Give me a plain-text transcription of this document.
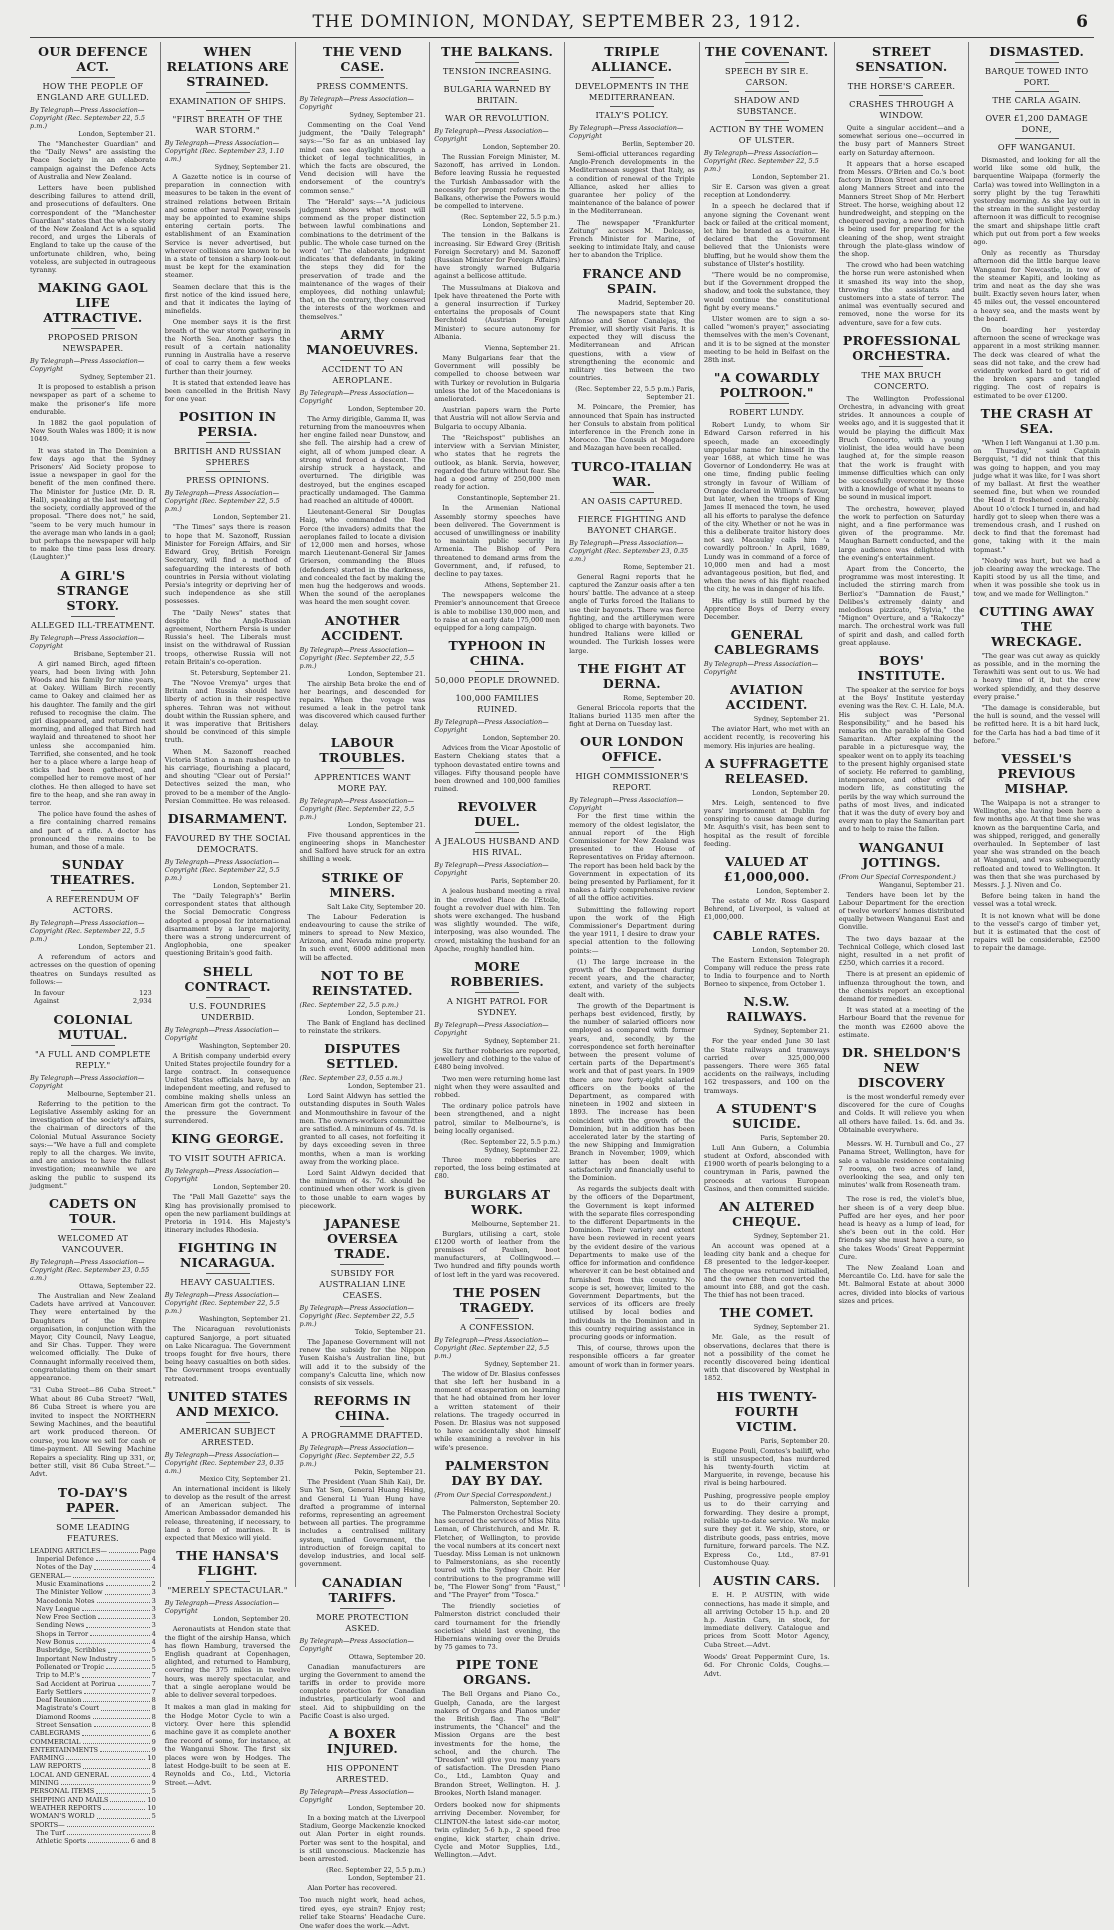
THE DOMINION, MONDAY, SEPTEMBER 23, 1912.	6
OUR DEFENCE ACT.
HOW THE PEOPLE OF ENGLAND ARE GULLED.
By Telegraph—Press Association—Copyright (Rec. September 22, 5.5 p.m.)
London, September 21.

The "Manchester Guardian" and the "Daily News" are assisting the Peace Society in an elaborate campaign against the Defence Acts of Australia and New Zealand.

Letters have been published describing failures to attend drill, and prosecutions of defaulters. One correspondent of the "Manchester Guardian" states that the whole story of the New Zealand Act is a squalid record, and urges the Liberals of England to take up the cause of the unfortunate children, who, being voteless, are subjected in outrageous tyranny.

MAKING GAOL LIFE ATTRACTIVE.
PROPOSED PRISON NEWSPAPER.
By Telegraph—Press Association—Copyright
Sydney, September 21.

It is proposed to establish a prison newspaper as part of a scheme to make the prisoner's life more endurable.

In 1882 the gaol population of New South Wales was 1800; it is now 1049.

It was stated in The Dominion a few days ago that the Sydney Prisoners' Aid Society propose to issue a newspaper in gaol for the benefit of the men confined there. The Minister for Justice (Mr. D. R. Hall), speaking at the last meeting of the society, cordially approved of the proposal. "There does not," he said, "seem to be very much humour in the average man who lands in a gaol; but perhaps the newspaper will help to make the time pass less dreary. (Laughter.)"

A GIRL'S STRANGE STORY.
ALLEGED ILL-TREATMENT.
By Telegraph—Press Association—Copyright
Brisbane, September 21.

A girl named Birch, aged fifteen years, had been living with John Woods and his family for nine years, at Oakey. William Birch recently came to Oakey and claimed her as his daughter. The family and the girl refused to recognise the claim. The girl disappeared, and returned next morning, and alleged that Birch had waylaid and threatened to shoot her unless she accompanied him. Terrified, she consented, and he took her to a place where a large heap of sticks had been gathered, and compelled her to remove most of her clothes. He then alleged to have set fire to the heap, and she ran away in terror.

The police have found the ashes of a fire containing charred remains and part of a rifle. A doctor has pronounced the remains to be human, and those of a male.

SUNDAY THEATRES.
A REFERENDUM OF ACTORS.
By Telegraph—Press Association—Copyright (Rec. September 22, 5.5 p.m.)
London, September 21.

A referendum of actors and actresses on the question of opening theatres on Sundays resulted as follows:—

In favour	123
Against	2,934
COLONIAL MUTUAL.
"A FULL AND COMPLETE REPLY."
By Telegraph—Press Association—Copyright
Melbourne, September 21.

Referring to the petition to the Legislative Assembly asking for an investigation of the society's affairs, the chairman of directors of the Colonial Mutual Assurance Society says:—"We have a full and complete reply to all the charges. We invite, and are anxious to have the fullest investigation; meanwhile we are asking the public to suspend its judgment."

CADETS ON TOUR.
WELCOMED AT VANCOUVER.
By Telegraph—Press Association—Copyright (Rec. September 23, 0.55 a.m.)
Ottawa, September 22.

The Australian and New Zealand Cadets have arrived at Vancouver. They were entertained by the Daughters of the Empire organisation, in conjunction with the Mayor, City Council, Navy League, and Sir Chas. Tupper. They were welcomed officially. The Duke of Connaught informally received them, congratulating them on their smart appearance.

"31 Cuba Street—86 Cuba Street." What about 86 Cuba Street? "Well, 86 Cuba Street is where you are invited to inspect the NORTHERN Sewing Machines, and the beautiful art work produced thereon. Of course, you know we sell for cash or time-payment. All Sewing Machine Repairs a speciality. Ring up 331, or, better still, visit 86 Cuba Street."—Advt.
TO-DAY'S PAPER.
SOME LEADING FEATURES.
LEADING ARTICLES—	Page
Imperial Defence	4
Notes of the Day	4
GENERAL—
Music Examinations	2
The Minister Yellow	3
Macedonia Notes	3
Navy League	3
New Free Section	3
Sending News	3
Shops in Terror	4
New Bonus	4
Busbridge, Scribbles	5
Important New Industry	5
Pollenated or Tropic	5
Trip to M.P.'s	7
Sad Accident at Porirua	7
Early Settlers	7
Deaf Reunion	8
Magistrate's Court	8
Diamond Rooms	8
Street Sensation	8
CABLEGRAMS	6
COMMERCIAL	9
ENTERTAINMENTS	9
FARMING	10
LAW REPORTS	8
LOCAL AND GENERAL	4
MINING	9
PERSONAL ITEMS	5
SHIPPING AND MAILS	10
WEATHER REPORTS	10
WOMAN'S WORLD	5
SPORTS—
The Turf	8
Athletic Sports	6 and 8
WHEN RELATIONS ARE STRAINED.
EXAMINATION OF SHIPS.
"FIRST BREATH OF THE WAR STORM."
By Telegraph—Press Association—Copyright (Rec. September 23, 1.10 a.m.)
Sydney, September 21.

A Gazette notice is in course of preparation in connection with measures to be taken in the event of strained relations between Britain and some other naval Power, vessels may be appointed to examine ships entering certain ports. The establishment of an Examination Service is never advertised, but wherever collisions are known to be in a state of tension a sharp look-out must be kept for the examination steamer.

Seamen declare that this is the first notice of the kind issued here, and that it indicates the laying of minefields.

One member says it is the first breath of the war storm gathering in the North Sea. Another says the result of a certain nationality running in Australia have a reserve of coal to carry them a few weeks further than their journey.

It is stated that extended leave has been cancelled in the British Navy for one year.

POSITION IN PERSIA.
BRITISH AND RUSSIAN SPHERES
PRESS OPINIONS.
By Telegraph—Press Association—Copyright (Rec. September 22, 5.5 p.m.)
London, September 21.

"The Times" says there is reason to hope that M. Sazonoff, Russian Minister for Foreign Affairs, and Sir Edward Grey, British Foreign Secretary, will find a method of safeguarding the interests of both countries in Persia without violating Persia's integrity or depriving her of such independence as she still possesses.

The "Daily News" states that despite the Anglo-Russian agreement, Northern Persia is under Russia's heel. The Liberals must insist on the withdrawal of Russian troops, otherwise Russia will not retain Britain's co-operation.

St. Petersburg, September 21.

The "Novoe Vremya" urges that Britain and Russia should have liberty of action in their respective spheres. Tehran was not without doubt within the Russian sphere, and it was imperative that Britishers should be convinced of this simple truth.

When M. Sazonoff reached Victoria Station a man rushed up to his carriage, flourishing a placard, and shouting "Clear out of Persia!" Detectives seized the man, who proved to be a member of the Anglo-Persian Committee. He was released.

DISARMAMENT.
FAVOURED BY THE SOCIAL DEMOCRATS.
By Telegraph—Press Association—Copyright (Rec. September 22, 5.5 p.m.)
London, September 21.

The "Daily Telegraph's" Berlin correspondent states that although the Social Democratic Congress adopted a proposal for international disarmament by a large majority, there was a strong undercurrent of Anglophobia, one speaker questioning Britain's good faith.

SHELL CONTRACT.
U.S. FOUNDRIES UNDERBID.
By Telegraph—Press Association—Copyright
Washington, September 20.

A British company underbid every United States projectile foundry for a large contract. In consequence United States officials have, by an independent meeting, and refused to combine making shells unless an American firm got the contract. To the pressure the Government surrendered.

KING GEORGE.
TO VISIT SOUTH AFRICA.
By Telegraph—Press Association—Copyright
London, September 20.

The "Pall Mall Gazette" says the King has provisionally promised to open the new parliament buildings at Pretoria in 1914. His Majesty's itinerary includes Rhodesia.

FIGHTING IN NICARAGUA.
HEAVY CASUALTIES.
By Telegraph—Press Association—Copyright (Rec. September 22, 5.5 p.m.)
Washington, September 21.

The Nicaraguan revolutionists captured Sanjorge, a port situated on Lake Nicaragua. The Government troops fought for five hours, there being heavy casualties on both sides. The Government troops eventually retreated.

UNITED STATES AND MEXICO.
AMERICAN SUBJECT ARRESTED.
By Telegraph—Press Association—Copyright (Rec. September 23, 0.35 a.m.)
Mexico City, September 21.

An international incident is likely to develop as the result of the arrest of an American subject. The American Ambassador demanded his release, threatening, if necessary, to land a force of marines. It is expected that Mexico will yield.

THE HANSA'S FLIGHT.
"MERELY SPECTACULAR."
By Telegraph—Press Association—Copyright
London, September 20.

Aeronautists at Hendon state that the flight of the airship Hansa, which has flown Hamburg, traversed the English quadrant at Copenhagen, alighted, and returned to Hamburg, covering the 375 miles in twelve hours, was merely spectacular, and that a single aeroplane would be able to deliver several torpedoes.

It makes a man glad in making for the Hodge Motor Cycle to win a victory. Over here this splendid machine gave it as complete another fine record of some, for instance, at the Wanganui Show. The first six places were won by Hodges. The latest Hodge-built to be seen at E. Reynolds and Co., Ltd., Victoria Street.—Advt.
THE VEND CASE.
PRESS COMMENTS.
By Telegraph—Press Association—Copyright
Sydney, September 21.

Commenting on the Coal Vend judgment, the "Daily Telegraph" says:—"So far as an unbiased lay mind can see daylight through a thicket of legal technicalities, in which the facts are obscured, the Vend decision will have the endorsement of the country's common sense."

The "Herald" says:—"A judicious judgment shows what most will commend as the proper distinction between lawful combinations and combinations to the detriment of the public. The whole case turned on the word 'or.' The elaborate judgment indicates that defendants, in taking the steps they did for the preservation of trade and the maintenance of the wages of their employees, did nothing unlawful; that, on the contrary, they conserved the interests of the workmen and themselves."

ARMY MANOEUVRES.
ACCIDENT TO AN AEROPLANE.
By Telegraph—Press Association—Copyright
London, September 20.

The Army dirigible, Gamma II, was returning from the manoeuvres when her engine failed near Dunstow, and she fell. The airship had a crew of eight, all of whom jumped clear. A strong wind forced a descent. The airship struck a haystack, and overturned. The dirigible was destroyed, but the engines escaped practically undamaged. The Gamma had reached an altitude of 4000ft.

Lieutenant-General Sir Douglas Haig, who commanded the Red Force (the invaders) admits that the aeroplanes failed to locate a division of 12,000 men and horses, whose march Lieutenant-General Sir James Grierson, commanding the Blues (defenders) started in the darkness, and concealed the fact by making the men hug the hedgerows and woods. When the sound of the aeroplanes was heard the men sought cover.

ANOTHER ACCIDENT.
By Telegraph—Press Association—Copyright (Rec. September 22, 5.5 p.m.)
London, September 21.

The airship Beta broke the end of her bearings, and descended for repairs. When the voyage was resumed a leak in the petrol tank was discovered which caused further delay.

LABOUR TROUBLES.
APPRENTICES WANT MORE PAY.
By Telegraph—Press Association—Copyright (Rec. September 22, 5.5 p.m.)
London, September 21.

Five thousand apprentices in the engineering shops in Manchester and Salford have struck for an extra shilling a week.

STRIKE OF MINERS.
Salt Lake City, September 20.

The Labour Federation is endeavouring to cause the strike of miners to spread to New Mexico, Arizona, and Nevada mine property. In such event, 6000 additional men will be affected.

NOT TO BE REINSTATED.
(Rec. September 22, 5.5 p.m.)
London, September 21.

The Bank of England has declined to reinstate the strikers.

DISPUTES SETTLED.
(Rec. September 23, 0.55 a.m.)
London, September 21.

Lord Saint Aldwyn has settled the outstanding disputes in South Wales and Monmouthshire in favour of the men. The owners-workers committee are satisfied. A minimum of 4s. 7d. is granted to all cases, not forfeiting it by days exceeding seven in three months, when a man is working away from the working place.

Lord Saint Aldwyn decided that the minimum of 4s. 7d. should be continued when other work is given to those unable to earn wages by piecework.

JAPANESE OVERSEA TRADE.
SUBSIDY FOR AUSTRALIAN LINE CEASES.
By Telegraph—Press Association—Copyright (Rec. September 22, 5.5 p.m.)
Tokio, September 21.

The Japanese Government will not renew the subsidy for the Nippon Yusen Kaisha's Australian line, but will add it to the subsidy of the company's Calcutta line, which now consists of six vessels.

REFORMS IN CHINA.
A PROGRAMME DRAFTED.
By Telegraph—Press Association—Copyright (Rec. September 22, 5.5 p.m.)
Pekin, September 21.

The President (Yuan Shih Kai), Dr. Sun Yat Sen, General Huang Hsing, and General Li Yuan Hung have drafted a programme of internal reforms, representing an agreement between all parties. The programme includes a centralised military system, unified Government, the introduction of foreign capital to develop industries, and local self-government.

CANADIAN TARIFFS.
MORE PROTECTION ASKED.
By Telegraph—Press Association—Copyright
Ottawa, September 20.

Canadian manufacturers are urging the Government to amend the tariffs in order to provide more complete protection for Canadian industries, particularly wool and steel. Aid to shipbuilding on the Pacific Coast is also urged.

A BOXER INJURED.
HIS OPPONENT ARRESTED.
By Telegraph—Press Association—Copyright
London, September 20.

In a boxing match at the Liverpool Stadium, George Mackenzie knocked out Alan Porter in eight rounds. Porter was sent to the hospital, and is still unconscious. Mackenzie has been arrested.

(Rec. September 22, 5.5 p.m.) London, September 21.

Alan Porter has recovered.

Too much night work, head aches, tired eyes, eye strain? Enjoy rest; relief take Stearns' Headache Cure. One wafer does the work.—Advt.
THE BALKANS.
TENSION INCREASING.
BULGARIA WARNED BY BRITAIN.
WAR OR REVOLUTION.
By Telegraph—Press Association—Copyright
London, September 20.

The Russian Foreign Minister, M. Sazonoff, has arrived in London. Before leaving Russia he requested the Turkish Ambassador with the necessity for prompt reforms in the Balkans, otherwise the Powers would be compelled to intervene.

(Rec. September 22, 5.5 p.m.) London, September 21.

The tension in the Balkans is increasing. Sir Edward Grey (British Foreign Secretary) and M. Sazonoff (Russian Minister for Foreign Affairs) have strongly warned Bulgaria against a bellicose attitude.

The Mussulmans at Diakova and Ipek have threatened the Porte with a general insurrection if Turkey entertains the proposals of Count Berchtold (Austrian Foreign Minister) to secure autonomy for Albania.

Vienna, September 21.

Many Bulgarians fear that the Government will possibly be compelled to choose between war with Turkey or revolution in Bulgaria unless the lot of the Macedonians is ameliorated.

Austrian papers warn the Porte that Austria will not allow Servia and Bulgaria to occupy Albania.

The "Reichspost" publishes an interview with a Servian Minister, who states that he regrets the outlook, as blank. Servia, however, regarded the future without fear. She had a good army of 250,000 men ready for action.

Constantinople, September 21.

In the Armenian National Assembly stormy speeches have been delivered. The Government is accused of unwillingness or inability to maintain public security in Armenia. The Bishop of Pera threatened to demand arms from the Government, and, if refused, to decline to pay taxes.

Athens, September 21.

The newspapers welcome the Premier's announcement that Greece is able to mobilise 130,000 men, and to raise at an early date 175,000 men equipped for a long campaign.

TYPHOON IN CHINA.
50,000 PEOPLE DROWNED.
100,000 FAMILIES RUINED.
By Telegraph—Press Association—Copyright
London, September 20.

Advices from the Vicar Apostolic of Eastern Chekiang states that a typhoon devastated entire towns and villages. Fifty thousand people have been drowned and 100,000 families ruined.

REVOLVER DUEL.
A JEALOUS HUSBAND AND HIS RIVAL.
By Telegraph—Press Association—Copyright
Paris, September 20.

A jealous husband meeting a rival in the crowded Place de l'Etoile, fought a revolver duel with him. Ten shots were exchanged. The husband was slightly wounded. The wife, interposing, was also wounded. The crowd, mistaking the husband for an Apache, roughly handled him.

MORE ROBBERIES.
A NIGHT PATROL FOR SYDNEY.
By Telegraph—Press Association—Copyright
Sydney, September 21.

Six further robberies are reported, jewellery and clothing to the value of £480 being involved.

Two men were returning home last night when they were assaulted and robbed.

The ordinary police patrols have been strengthened, and a night patrol, similar to Melbourne's, is being locally organised.

(Rec. September 22, 5.5 p.m.) Sydney, September 22.

Three more robberies are reported, the loss being estimated at £80.

BURGLARS AT WORK.
Melbourne, September 21.

Burglars, utilising a cart, stole £1200 worth of leather from the premises of Paulsen, boot manufacturers, at Collingwood.—Two hundred and fifty pounds worth of lost left in the yard was recovered.

THE POSEN TRAGEDY.
A CONFESSION.
By Telegraph—Press Association—Copyright (Rec. September 22, 5.5 p.m.)
Sydney, September 21.

The widow of Dr. Blasius confesses that she left her husband in a moment of exasperation on learning that he had obtained from her lover a written statement of their relations. The tragedy occurred in Posen. Dr. Blasius was not supposed to have accidentally shot himself while examining a revolver in his wife's presence.

PALMERSTON DAY BY DAY.
(From Our Special Correspondent.)
Palmerston, September 20.

The Palmerston Orchestral Society has secured the services of Miss Nita Leman, of Christchurch, and Mr. R. Fletcher, of Wellington, to provide the vocal numbers at its concert next Tuesday. Miss Leman is not unknown to Palmerstonians, as she recently toured with the Sydney Choir. Her contributions to the programme will be, "The Flower Song" from "Faust," and "The Prayer" from "Tosca."

The friendly societies of Palmerston district concluded their card tournament for the friendly societies' shield last evening, the Hibernians winning over the Druids by 75 games to 73.

PIPE TONE ORGANS.

The Bell Organs and Piano Co., Guelph, Canada, are the largest makers of Organs and Pianos under the British flag. The "Bell" instruments, the "Chancel" and the Mission Organs are the best investments for the home, the school, and the church. The "Dresden" will give you many years of satisfaction. The Dresden Piano Co., Ltd., Lambton Quay and Brandon Street, Wellington. H. J. Brookes, North Island manager.

Orders booked now for shipments arriving December. November, for CLINTON-the latest side-car motor, twin cylinder, 5-6 h.p., 2 speed free engine, kick starter, chain drive. Cycle and Motor Supplies, Ltd., Wellington.—Advt.
TRIPLE ALLIANCE.
DEVELOPMENTS IN THE MEDITERRANEAN.
ITALY'S POLICY.
By Telegraph—Press Association—Copyright
Berlin, September 20.

Semi-official utterances regarding Anglo-French developments in the Mediterranean suggest that Italy, as a condition of renewal of the Triple Alliance, asked her allies to guarantee her policy of the maintenance of the balance of power in the Mediterranean.

The newspaper "Frankfurter Zeitung" accuses M. Delcasse, French Minister for Marine, of seeking to intimidate Italy, and cause her to abandon the Triplice.

FRANCE AND SPAIN.
Madrid, September 20.

The newspapers state that King Alfonso and Senor Canalejas, the Premier, will shortly visit Paris. It is expected they will discuss the Mediterranean and African questions, with a view of strengthening the economic and military ties between the two countries.

(Rec. September 22, 5.5 p.m.) Paris, September 21.

M. Poincare, the Premier, has announced that Spain has instructed her Consuls to abstain from political interference in the French zone in Morocco. The Consuls at Mogadore and Mazagan have been recalled.

TURCO-ITALIAN WAR.
AN OASIS CAPTURED.
FIERCE FIGHTING AND BAYONET CHARGE.
By Telegraph—Press Association—Copyright (Rec. September 23, 0.35 a.m.)
Rome, September 21.

General Ragni reports that he captured the Zanzur oasis after a ten hours' battle. The advance at a steep angle of Turks forced the Italians to use their bayonets. There was fierce fighting, and the artillerymen were obliged to charge with bayonets. Two hundred Italians were killed or wounded. The Turkish losses were large.

THE FIGHT AT DERNA.
Rome, September 20.

General Briccola reports that the Italians buried 1135 men after the fight at Derna on Tuesday last.

OUR LONDON OFFICE.
HIGH COMMISSIONER'S REPORT.
By Telegraph—Press Association—Copyright

For the first time within the memory of the oldest legislator, the annual report of the High Commissioner for New Zealand was presented to the House of Representatives on Friday afternoon. The report has been held back by the Government in expectation of its being presented by Parliament, for it makes a fairly comprehensive review of all the office activities.

Submitting the following report upon the work of the High Commissioner's Department during the year 1911, I desire to draw your special attention to the following points:—

(1) The large increase in the growth of the Department during recent years, and the character, extent, and variety of the subjects dealt with.

The growth of the Department is perhaps best evidenced, firstly, by the number of salaried officers now employed as compared with former years, and, secondly, by the correspondence set forth hereinafter between the present volume of certain parts of the Department's work and that of past years. In 1909 there are now forty-eight salaried officers on the books of the Department, as compared with nineteen in 1902 and sixteen in 1893. The increase has been coincident with the growth of the Dominion, but in addition has been accelerated later by the starting of the new Shipping and Immigration Branch in November, 1909, which latter has been dealt with satisfactorily and financially useful to the Dominion.

As regards the subjects dealt with by the officers of the Department, the Government is kept informed with the separate files corresponding to the different Departments in the Dominion. Their variety and extent have been reviewed in recent years by the evident desire of the various Departments to make use of the office for information and confidence wherever it can be best obtained and furnished from this country. No scope is set, however, limited to the Government Departments, but the services of its officers are freely utilised by local bodies and individuals in the Dominion and in this country requiring assistance in procuring goods or information.

This, of course, throws upon the responsible officers a far greater amount of work than in former years.

THE COVENANT.
SPEECH BY SIR E. CARSON.
SHADOW AND SUBSTANCE.
ACTION BY THE WOMEN OF ULSTER.
By Telegraph—Press Association—Copyright (Rec. September 22, 5.5 p.m.)
London, September 21.

Sir E. Carson was given a great reception at Londonderry.

In a speech he declared that if anyone signing the Covenant went back or failed at the critical moment, let him be branded as a traitor. He declared that the Government believed that the Unionists were bluffing, but he would show them the substance of Ulster's hostility.

"There would be no compromise, but if the Government dropped the shadow, and took the substance, they would continue the constitutional fight by every means."

Ulster women are to sign a so-called "women's prayer," associating themselves with the men's Covenant, and it is to be signed at the monster meeting to be held in Belfast on the 28th inst.

"A COWARDLY POLTROON."
ROBERT LUNDY.

Robert Lundy, to whom Sir Edward Carson referred in his speech, made an exceedingly unpopular name for himself in the year 1688, at which time he was Governor of Londonderry. He was at one time, finding public feeling strongly in favour of William of Orange declared in William's favour, but later, when the troops of King James II menaced the town, he used all his efforts to paralyse the defence of the city. Whether or not he was in this a deliberate traitor history does not say. Macaulay calls him 'a cowardly poltroon.' In April, 1689, Lundy was in command of a force of 10,000 men and had a most advantageous position, but fled, and when the news of his flight reached the city, he was in danger of his life.

His effigy is still burned by the Apprentice Boys of Derry every December.

GENERAL CABLEGRAMS
By Telegraph—Press Association—Copyright
AVIATION ACCIDENT.
Sydney, September 21.

The aviator Hart, who met with an accident recently, is recovering his memory. His injuries are healing.

A SUFFRAGETTE RELEASED.
London, September 20.

Mrs. Leigh, sentenced to five years' imprisonment at Dublin for conspiring to cause damage during Mr. Asquith's visit, has been sent to hospital as the result of forcible feeding.

VALUED AT £1,000,000.
London, September 2.

The estate of Mr. Ross Gaspard Behrend, of Liverpool, is valued at £1,000,000.

CABLE RATES.
London, September 20.

The Eastern Extension Telegraph Company will reduce the press rate to India to fourpence and to North Borneo to sixpence, from October 1.

N.S.W. RAILWAYS.
Sydney, September 21.

For the year ended June 30 last the State railways and tramways carried over 325,000,000 passengers. There were 365 fatal accidents on the railways, including 162 trespassers, and 100 on the tramways.

A STUDENT'S SUICIDE.
Paris, September 20.

Lull Ann Gubern, a Columbia student at Oxford, absconded with £1900 worth of pearls belonging to a countryman in Paris, pawned the proceeds at various European Casinos, and then committed suicide.

AN ALTERED CHEQUE.
Sydney, September 21.

An account was opened at a leading city bank and a cheque for £8 presented to the ledger-keeper. The cheque was returned initialled, and the owner then converted the amount into £88, and got the cash. The thief has not been traced.

THE COMET.
Sydney, September 21.

Mr. Gale, as the result of observations, declares that there is not a possibility of the comet he recently discovered being identical with that discovered by Westphal in 1852.

HIS TWENTY-FOURTH VICTIM.
Paris, September 20.

Eugene Pouli, Comtes's bailiff, who is still unsuspected, has murdered his twenty-fourth victim at Marguerite, in revenge, because his rival is being harboured.

Pushing, progressive people employ us to do their carrying and forwarding. They desire a prompt, reliable up-to-date service. We make sure they get it. We ship, store, or distribute goods, pass entries, move furniture, forward parcels. The N.Z. Express Co., Ltd., 87-91 Customhouse Quay.
AUSTIN CARS.

E. H. P. AUSTIN, with wide connections, has made it simple, and all arriving October 15 h.p. and 20 h.p. Austin Cars, in stock, for immediate delivery. Catalogue and prices from Scott Motor Agency, Cuba Street.—Advt.

Woods' Great Peppermint Cure, 1s. 6d. For Chronic Colds, Coughs.—Advt.
STREET SENSATION.
THE HORSE'S CAREER.
CRASHES THROUGH A WINDOW.

Quite a singular accident—and a somewhat serious one—occurred in the busy part of Manners Street early on Saturday afternoon.

It appears that a horse escaped from Messrs. O'Brien and Co.'s boot factory in Dixon Street and careered along Manners Street and into the Manners Street Shop of Mr. Herbert Street. The horse, weighing about 12 hundredweight, and stepping on the chequered paving, a new floor, which is being used for preparing for the cleaning of the shop, went straight through the plate-glass window of the shop.

The crowd who had been watching the horse run were astonished when it smashed its way into the shop, throwing the assistants and customers into a state of terror. The animal was eventually secured and removed, none the worse for its adventure, save for a few cuts.

PROFESSIONAL ORCHESTRA.
THE MAX BRUCH CONCERTO.

The Wellington Professional Orchestra, in advancing with great strides. It announces a couple of weeks ago, and it is suggested that it would be playing the difficult Max Bruch Concerto, with a young violinist, the idea would have been laughed at, for the simple reason that the work is fraught with immense difficulties which can only be successfully overcome by those with a knowledge of what it means to be sound in musical import.

The orchestra, however, played the work to perfection on Saturday night, and a fine performance was given of the programme. Mr. Maughan Barnett conducted, and the large audience was delighted with the evening's entertainment.

Apart from the Concerto, the programme was most interesting. It included the stirring march from Berlioz's "Damnation de Faust," Delibes's extremely dainty and melodious pizzicato, "Sylvia," the "Mignon" Overture, and a "Rakoczy" march. The orchestral work was full of spirit and dash, and called forth great applause.

BOYS' INSTITUTE.

The speaker at the service for boys at the Boys' Institute yesterday evening was the Rev. C. H. Lale, M.A. His subject was "Personal Responsibility," and he based his remarks on the parable of the Good Samaritan. After explaining the parable in a picturesque way, the speaker went on to apply its teaching to the present highly organised state of society. He referred to gambling, intemperance, and other evils of modern life, as constituting the perils by the way which surround the paths of most lives, and indicated that it was the duty of every boy and every man to play the Samaritan part and to help to raise the fallen.

WANGANUI JOTTINGS.
(From Our Special Correspondent.)
Wanganui, September 21.

Tenders have been let by the Labour Department for the erection of twelve workers' homes distributed equally between Wanganui East and Gonville.

The two days bazaar at the Technical College, which closed last night, resulted in a net profit of £250, which carries it a record.

There is at present an epidemic of influenza throughout the town, and the chemists report an exceptional demand for remedies.

It was stated at a meeting of the Harbour Board that the revenue for the month was £2600 above the estimate.

DR. SHELDON'S NEW DISCOVERY

is the most wonderful remedy ever discovered for the cure of Coughs and Colds. It will relieve you when all others have failed. 1s. 6d. and 3s. Obtainable everywhere.

Messrs. W. H. Turnbull and Co., 27 Panama Street, Wellington, have for sale a valuable residence containing 7 rooms, on two acres of land, overlooking the sea, and only ten minutes' walk from Roseneath tram.

The rose is red, the violet's blue, her sheen is of a very deep blue. Puffed are her eyes, and her poor head is heavy as a lump of lead, for she's been out in the cold. Her friends say she must have a cure, so she takes Woods' Great Peppermint Cure.

The New Zealand Loan and Mercantile Co. Ltd. have for sale the Mt. Balmoral Estate at about 3000 acres, divided into blocks of various sizes and prices.

DISMASTED.
BARQUE TOWED INTO PORT.
THE CARLA AGAIN.
OVER £1,200 DAMAGE DONE,
OFF WANGANUI.

Dismasted, and looking for all the world like some old hulk, the barquentine Waipapa (formerly the Carla) was towed into Wellington in a sorry plight by the tug Terawhiti yesterday morning. As she lay out in the stream in the sunlight yesterday afternoon it was difficult to recognise the smart and shipshape little craft which put out from port a few weeks ago.

Only as recently as Thursday afternoon did the little barque leave Wanganui for Newcastle, in tow of the steamer Kapiti, and looking as trim and neat as the day she was built. Exactly seven hours later, when 45 miles out, the vessel encountered a heavy sea, and the masts went by the board.

On boarding her yesterday afternoon the scene of wreckage was apparent in a most striking manner. The deck was cleared of what the seas did not take, and the crew had evidently worked hard to get rid of the broken spars and tangled rigging. The cost of repairs is estimated to be over £1200.

THE CRASH AT SEA.

"When I left Wanganui at 1.30 p.m. on Thursday," said Captain Bergquist, "I did not think that this was going to happen, and you may judge what it was like, for I was short of my ballast. At first the weather seemed fine, but when we rounded the Head it freshened considerably. About 10 o'clock I turned in, and had hardly got to sleep when there was a tremendous crash, and I rushed on deck to find that the foremast had gone, taking with it the main topmast."

"Nobody was hurt, but we had a job clearing away the wreckage. The Kapiti stood by us all the time, and when it was possible she took us in tow, and we made for Wellington."

CUTTING AWAY THE WRECKAGE.

"The gear was cut away as quickly as possible, and in the morning the Terawhiti was sent out to us. We had a heavy time of it, but the crew worked splendidly, and they deserve every praise."

"The damage is considerable, but the hull is sound, and the vessel will be refitted here. It is a bit hard luck, for the Carla has had a bad time of it before."

VESSEL'S PREVIOUS MISHAP.

The Waipapa is not a stranger to Wellington, she having been here a few months ago. At that time she was known as the barquentine Carla, and was shipped, rerigged, and generally overhauled. In September of last year she was stranded on the beach at Wanganui, and was subsequently refloated and towed to Wellington. It was then that she was purchased by Messrs. J. J. Niven and Co.

Before being taken in hand the vessel was a total wreck.

It is not known what will be done to the vessel's cargo of timber yet, but it is estimated that the cost of repairs will be considerable, £2500 to repair the damage.
